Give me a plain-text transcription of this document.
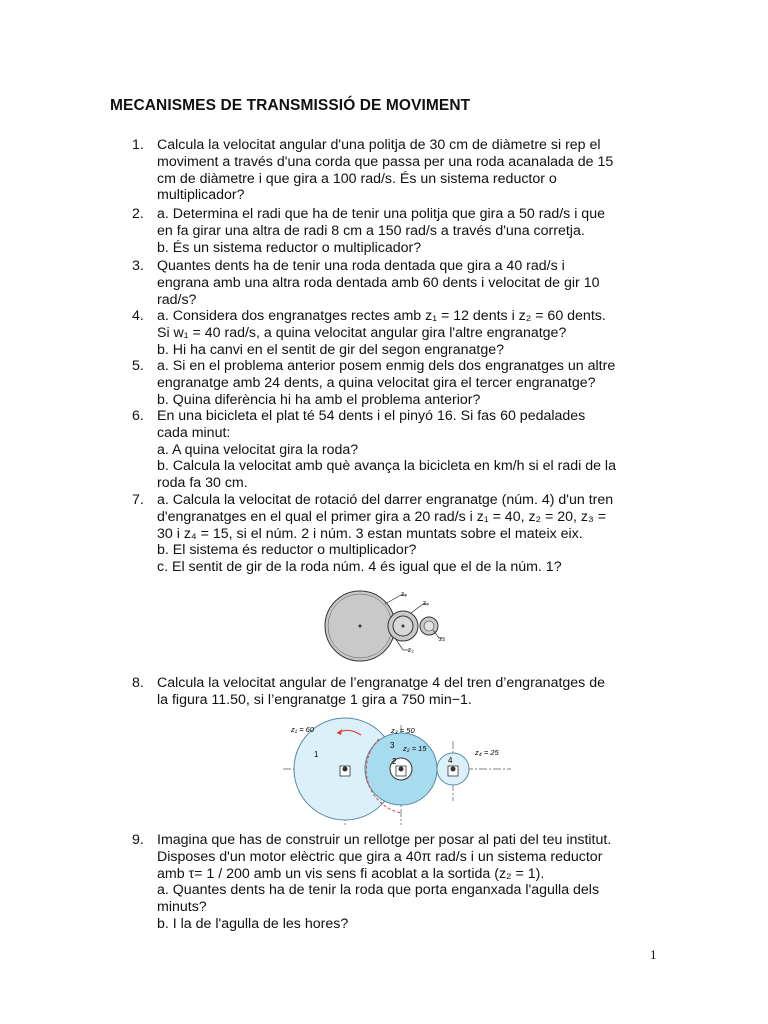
MECANISMES DE TRANSMISSIÓ DE MOVIMENT
1. Calcula la velocitat angular d'una politja de 30 cm de diàmetre si rep el
moviment a través d'una corda que passa per una roda acanalada de 15
cm de diàmetre i que gira a 100 rad/s. És un sistema reductor o
multiplicador?
2. a. Determina el radi que ha de tenir una politja que gira a 50 rad/s i que
en fa girar una altra de radi 8 cm a 150 rad/s a través d'una corretja.
b. És un sistema reductor o multiplicador?
3. Quantes dents ha de tenir una roda dentada que gira a 40 rad/s i
engrana amb una altra roda dentada amb 60 dents i velocitat de gir 10
rad/s?
4. a. Considera dos engranatges rectes amb z₁ = 12 dents i z₂ = 60 dents.
Si w₁ = 40 rad/s, a quina velocitat angular gira l'altre engranatge?
b. Hi ha canvi en el sentit de gir del segon engranatge?
5. a. Si en el problema anterior posem enmig dels dos engranatges un altre
engranatge amb 24 dents, a quina velocitat gira el tercer engranatge?
b. Quina diferència hi ha amb el problema anterior?
6. En una bicicleta el plat té 54 dents i el pinyó 16. Si fas 60 pedalades
cada minut:
a. A quina velocitat gira la roda?
b. Calcula la velocitat amb què avança la bicicleta en km/h si el radi de la
roda fa 30 cm.
7. a. Calcula la velocitat de rotació del darrer engranatge (núm. 4) d'un tren
d'engranatges en el qual el primer gira a 20 rad/s i z₁ = 40, z₂ = 20, z₃ =
30 i z₄ = 15, si el núm. 2 i núm. 3 estan muntats sobre el mateix eix.
b. El sistema és reductor o multiplicador?
c. El sentit de gir de la roda núm. 4 és igual que el de la núm. 1?
8. Calcula la velocitat angular de l’engranatge 4 del tren d’engranatges de
la figura 11.50, si l’engranatge 1 gira a 750 min−1.
9. Imagina que has de construir un rellotge per posar al pati del teu institut.
Disposes d'un motor elèctric que gira a 40π rad/s i un sistema reductor
amb τ= 1 / 200 amb un vis sens fi acoblat a la sortida (z₂ = 1).
a. Quantes dents ha de tenir la roda que porta enganxada l'agulla dels
minuts?
b. I la de l'agulla de les hores?
z₁
z₃
z₄
z₂
z₁ = 60	z₃ = 50
z₂ = 15	z₄ = 25
1
2
3
4
1
